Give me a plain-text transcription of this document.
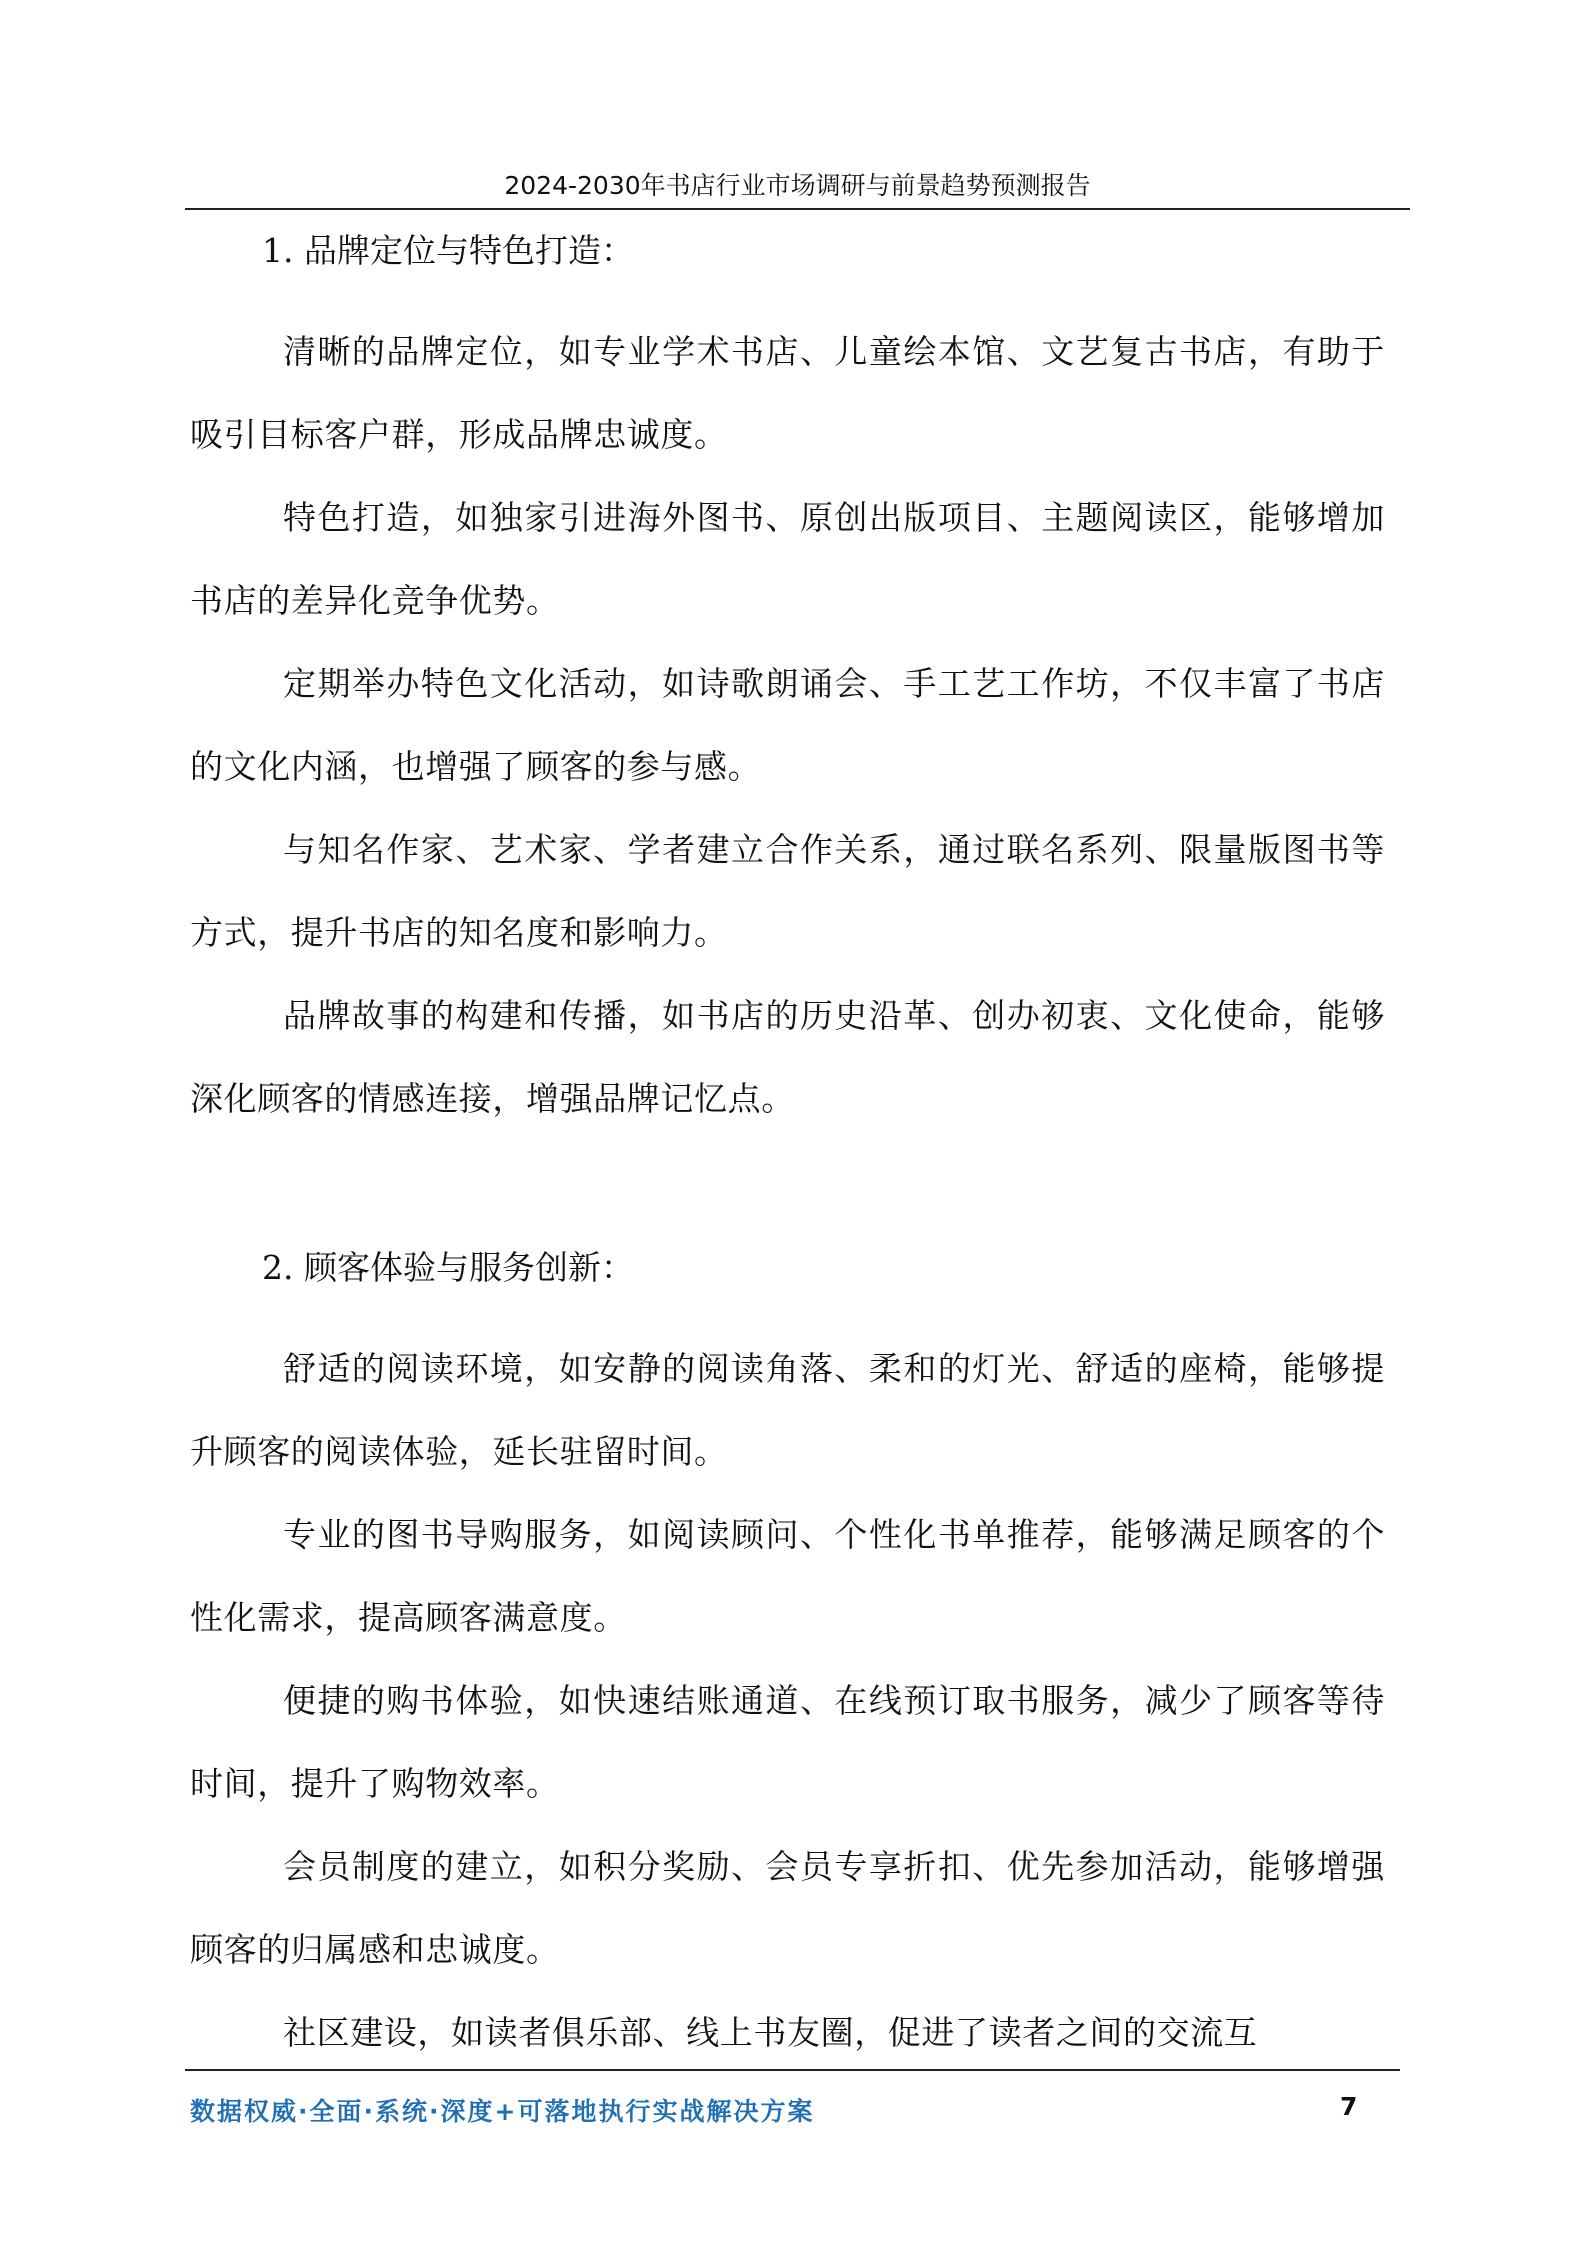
2024-2030年书店行业市场调研与前景趋势预测报告

1. 品牌定位与特色打造：

清晰的品牌定位，如专业学术书店、儿童绘本馆、文艺复古书店，有助于吸引目标客户群，形成品牌忠诚度。

特色打造，如独家引进海外图书、原创出版项目、主题阅读区，能够增加书店的差异化竞争优势。

定期举办特色文化活动，如诗歌朗诵会、手工艺工作坊，不仅丰富了书店的文化内涵，也增强了顾客的参与感。

与知名作家、艺术家、学者建立合作关系，通过联名系列、限量版图书等方式，提升书店的知名度和影响力。

品牌故事的构建和传播，如书店的历史沿革、创办初衷、文化使命，能够深化顾客的情感连接，增强品牌记忆点。

2. 顾客体验与服务创新：

舒适的阅读环境，如安静的阅读角落、柔和的灯光、舒适的座椅，能够提升顾客的阅读体验，延长驻留时间。

专业的图书导购服务，如阅读顾问、个性化书单推荐，能够满足顾客的个性化需求，提高顾客满意度。

便捷的购书体验，如快速结账通道、在线预订取书服务，减少了顾客等待时间，提升了购物效率。

会员制度的建立，如积分奖励、会员专享折扣、优先参加活动，能够增强顾客的归属感和忠诚度。

社区建设，如读者俱乐部、线上书友圈，促进了读者之间的交流互

数据权威·全面·系统·深度+可落地执行实战解决方案	7
